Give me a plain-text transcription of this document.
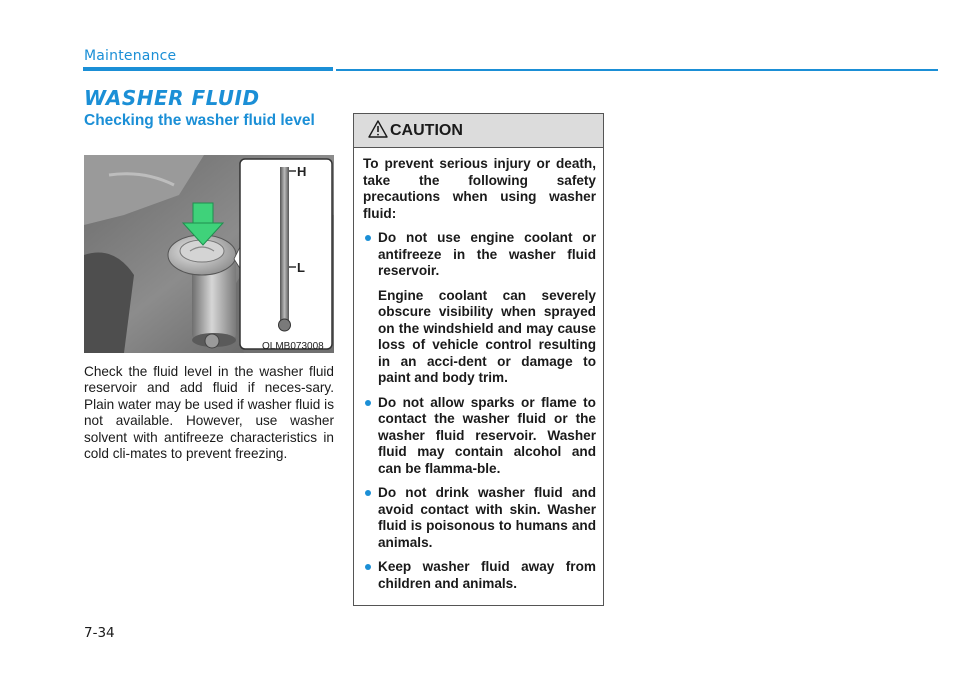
Maintenance
WASHER FLUID
Checking the washer fluid level
H
L
OLMB073008
Check the fluid level in the washer fluid reservoir and add fluid if neces-sary. Plain water may be used if washer fluid is not available. However, use washer solvent with antifreeze characteristics in cold cli-mates to prevent freezing.
CAUTION

To prevent serious injury or death, take the following safety precautions when using washer fluid:

Do not use engine coolant or antifreeze in the washer fluid reservoir.
Engine coolant can severely obscure visibility when sprayed on the windshield and may cause loss of vehicle control resulting in an acci-dent or damage to paint and body trim.
Do not allow sparks or flame to contact the washer fluid or the washer fluid reservoir. Washer fluid may contain alcohol and can be flamma-ble.
Do not drink washer fluid and avoid contact with skin. Washer fluid is poisonous to humans and animals.
Keep washer fluid away from children and animals.
7-34
